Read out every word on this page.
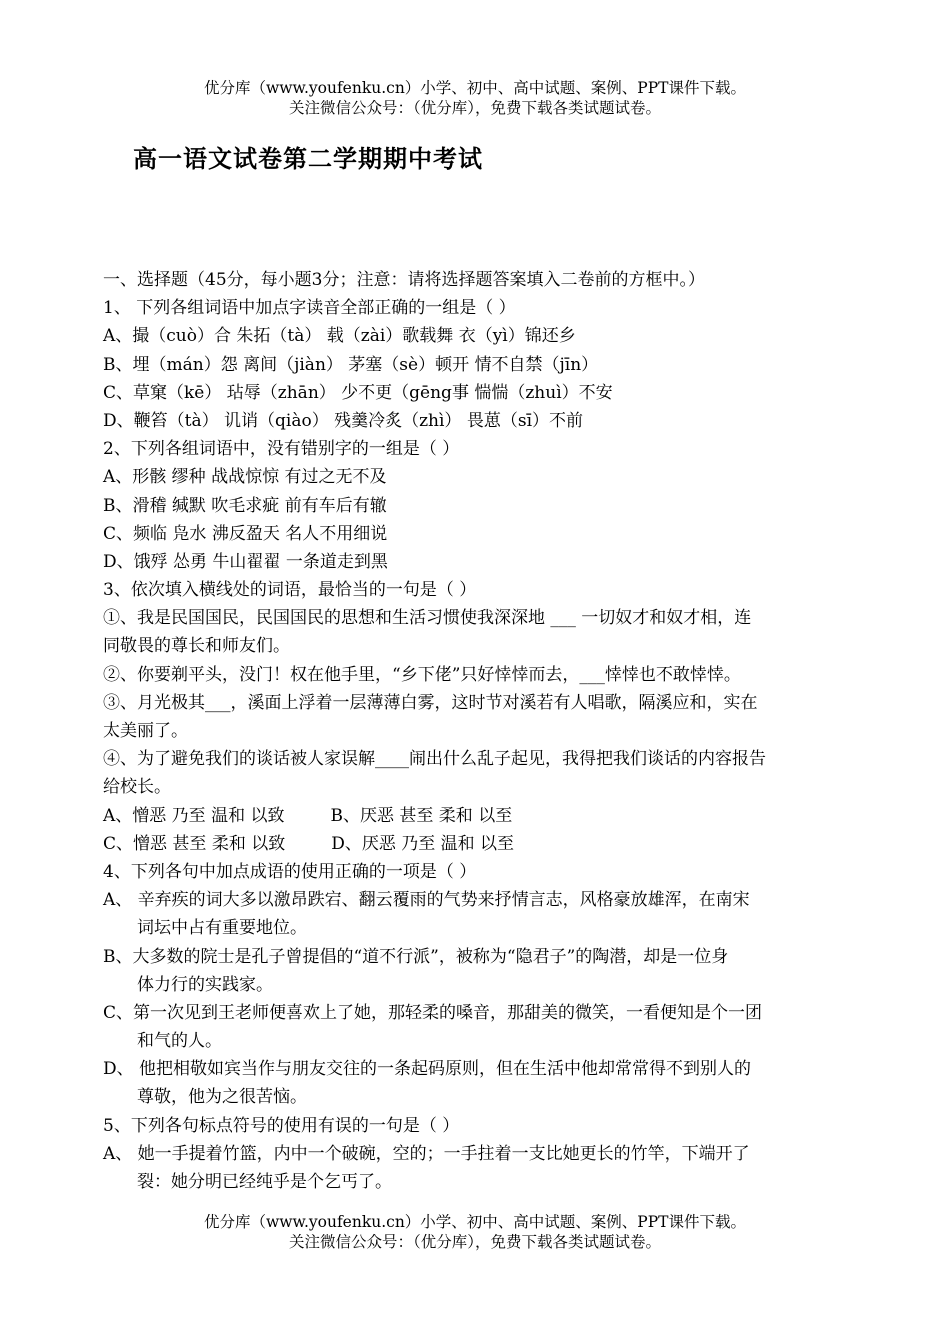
优分库（www.youfenku.cn）小学、初中、高中试题、案例、PPT课件下载。
关注微信公众号：（优分库），免费下载各类试题试卷。
高一语文试卷第二学期期中考试
一、选择题（45分，每小题3分；注意：请将选择题答案填入二卷前的方框中。）
1、 下列各组词语中加点字读音全部正确的一组是（ ）
A、撮（cuò）合 朱拓（tà） 载（zài）歌载舞 衣（yì）锦还乡
B、埋（mán）怨 离间（jiàn） 茅塞（sè）顿开 情不自禁（jīn）
C、草窠（kē） 玷辱（zhān） 少不更（gēng事 惴惴（zhuì）不安
D、鞭笞（tà） 讥诮（qiào） 残羹冷炙（zhì） 畏葸（sī）不前
2、下列各组词语中，没有错别字的一组是（ ）
A、形骸 缪种 战战惊惊 有过之无不及
B、滑稽 缄默 吹毛求疵 前有车后有辙
C、频临 凫水 沸反盈天 名人不用细说
D、饿殍 怂勇 牛山翟翟 一条道走到黑
3、依次填入横线处的词语，最恰当的一句是（ ）
①、我是民国国民，民国国民的思想和生活习惯使我深深地 ___ 一切奴才和奴才相，连
同敬畏的尊长和师友们。
②、你要剃平头，没门！权在他手里，“乡下佬”只好悻悻而去，___悻悻也不敢悻悻。
③、月光极其___，溪面上浮着一层薄薄白雾，这时节对溪若有人唱歌，隔溪应和，实在
太美丽了。
④、为了避免我们的谈话被人家误解____闹出什么乱子起见，我得把我们谈话的内容报告
给校长。
A、憎恶 乃至 温和 以致	B、厌恶 甚至 柔和 以至
C、憎恶 甚至 柔和 以致	D、厌恶 乃至 温和 以至
4、下列各句中加点成语的使用正确的一项是（ ）
A、 辛弃疾的词大多以激昂跌宕、翻云覆雨的气势来抒情言志，风格豪放雄浑，在南宋
词坛中占有重要地位。
B、大多数的院士是孔子曾提倡的“道不行派”，被称为“隐君子”的陶潜，却是一位身
体力行的实践家。
C、第一次见到王老师便喜欢上了她，那轻柔的嗓音，那甜美的微笑，一看便知是个一团
和气的人。
D、 他把相敬如宾当作与朋友交往的一条起码原则，但在生活中他却常常得不到别人的
尊敬，他为之很苦恼。
5、下列各句标点符号的使用有误的一句是（ ）
A、 她一手提着竹篮，内中一个破碗，空的；一手拄着一支比她更长的竹竿，下端开了
裂：她分明已经纯乎是个乞丐了。
优分库（www.youfenku.cn）小学、初中、高中试题、案例、PPT课件下载。
关注微信公众号：（优分库），免费下载各类试题试卷。
